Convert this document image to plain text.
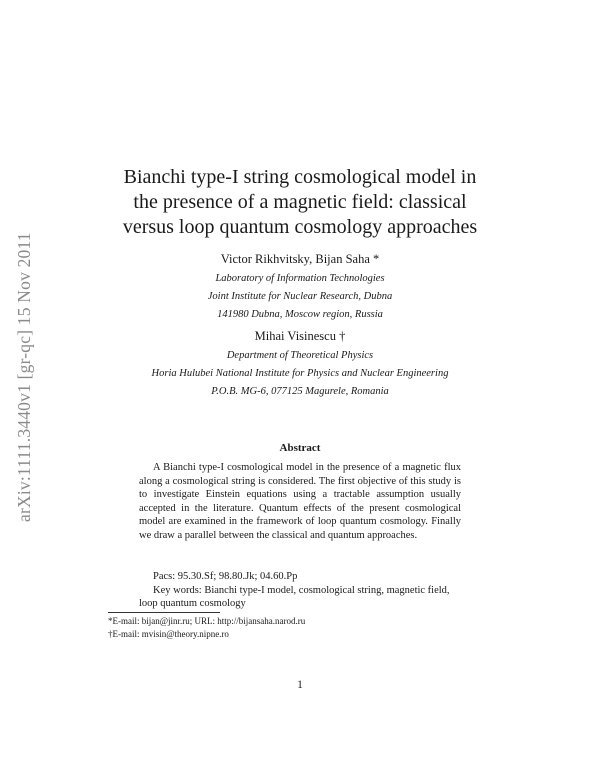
arXiv:1111.3440v1 [gr-qc] 15 Nov 2011
Bianchi type-I string cosmological model in
the presence of a magnetic field: classical
versus loop quantum cosmology approaches
Victor Rikhvitsky, Bijan Saha *
Laboratory of Information Technologies
Joint Institute for Nuclear Research, Dubna
141980 Dubna, Moscow region, Russia
Mihai Visinescu †
Department of Theoretical Physics
Horia Hulubei National Institute for Physics and Nuclear Engineering
P.O.B. MG-6, 077125 Magurele, Romania
Abstract

A Bianchi type-I cosmological model in the presence of a magnetic flux along a cosmological string is considered. The first objective of this study is to investigate Einstein equations using a tractable assumption usually accepted in the literature. Quantum effects of the present cosmological model are examined in the framework of loop quantum cosmology. Finally we draw a parallel between the classical and quantum approaches.

Pacs: 95.30.Sf; 98.80.Jk; 04.60.Pp
Key words: Bianchi type-I model, cosmological string, magnetic field, loop quantum cosmology
*E-mail: bijan@jinr.ru; URL: http://bijansaha.narod.ru
†E-mail: mvisin@theory.nipne.ro
1
